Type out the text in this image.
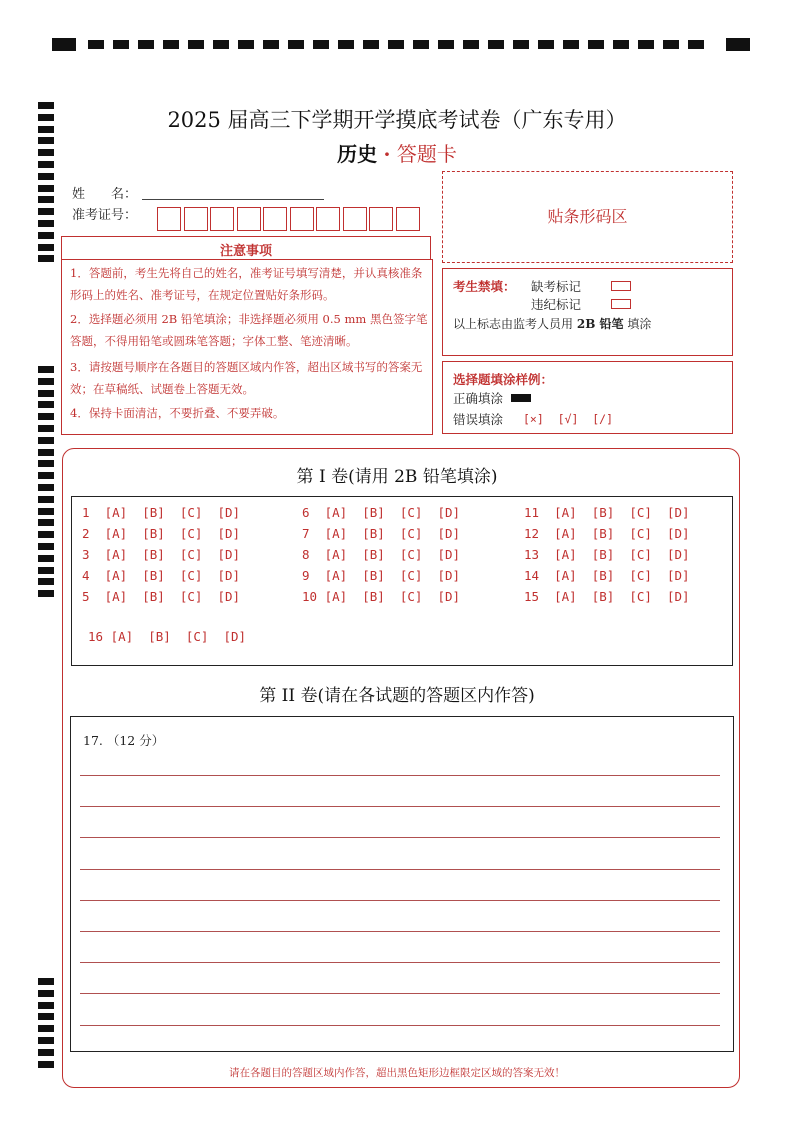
2025 届高三下学期开学摸底考试卷（广东专用）
历史 · 答题卡
姓　　名：
准考证号：	贴条形码区
注意事项
1．答题前，考生先将自己的姓名，准考证号填写清楚，并认真核准条形码上的姓名、准考证号，在规定位置贴好条形码。
2．选择题必须用 2B 铅笔填涂；非选择题必须用 0.5 mm 黑色签字笔答题，不得用铅笔或圆珠笔答题；字体工整、笔迹清晰。
3．请按题号顺序在各题目的答题区域内作答，超出区域书写的答案无效；在草稿纸、试题卷上答题无效。
4．保持卡面清洁，不要折叠、不要弄破。
考生禁填： 缺考标记
违纪标记
以上标志由监考人员用 2B 铅笔 填涂
选择题填涂样例：
正确填涂
错误填涂 [×]  [√]  [/]
第 I 卷(请用 2B 铅笔填涂)
1  [A]  [B]  [C]  [D]
2  [A]  [B]  [C]  [D]
3  [A]  [B]  [C]  [D]
4  [A]  [B]  [C]  [D]
5  [A]  [B]  [C]  [D]
6  [A]  [B]  [C]  [D]
7  [A]  [B]  [C]  [D]
8  [A]  [B]  [C]  [D]
9  [A]  [B]  [C]  [D]
10 [A]  [B]  [C]  [D]
11  [A]  [B]  [C]  [D]
12  [A]  [B]  [C]  [D]
13  [A]  [B]  [C]  [D]
14  [A]  [B]  [C]  [D]
15  [A]  [B]  [C]  [D]
16 [A]  [B]  [C]  [D]
第 II 卷(请在各试题的答题区内作答)
17. （12 分）
请在各题目的答题区域内作答，超出黑色矩形边框限定区域的答案无效！
